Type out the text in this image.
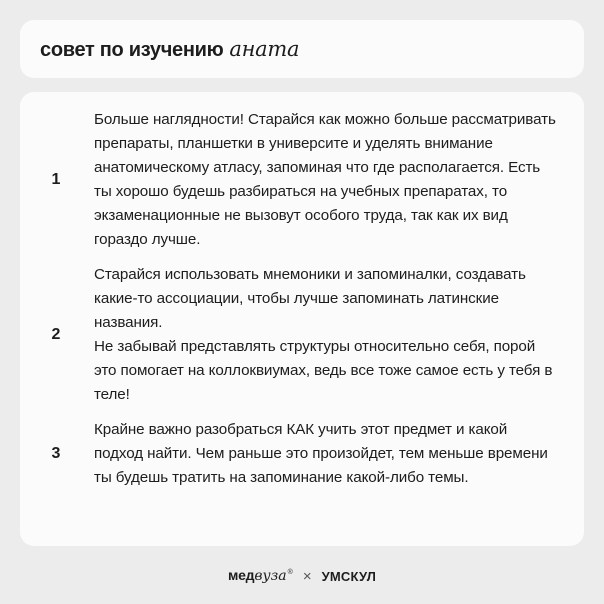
совет по изучению аната
1

Больше наглядности! Старайся как можно больше рассматривать препараты, планшетки в университе и уделять внимание анатомическому атласу, запоминая что где располагается. Есть ты хорошо будешь разбираться на учебных препаратах, то экзаменационные не вызовут особого труда, так как их вид гораздо лучше.

2

Старайся использовать мнемоники и запоминалки, создавать какие-то ассоциации, чтобы лучше запоминать латинские названия.

Не забывай представлять структуры относительно себя, порой это помогает на коллоквиумах, ведь все тоже самое есть у тебя в теле!

3

Крайне важно разобраться КАК учить этот предмет и какой подход найти. Чем раньше это произойдет, тем меньше времени ты будешь тратить на запоминание какой-либо темы.

медвуза® × УМСКУЛ
